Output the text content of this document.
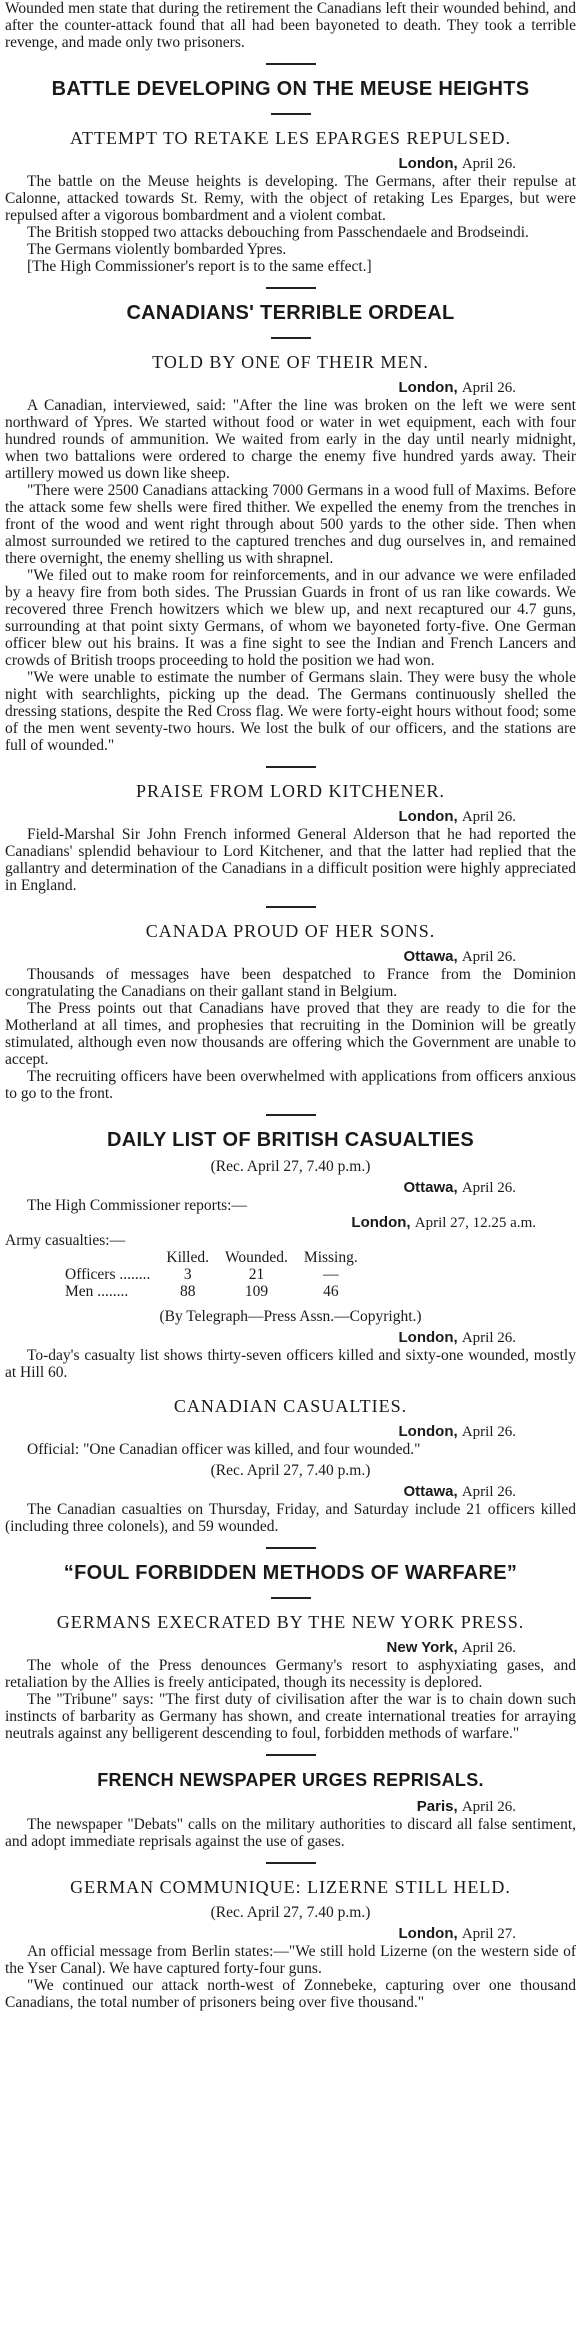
Wounded men state that during the retirement the Canadians left their wounded behind, and after the counter-attack found that all had been bayoneted to death. They took a terrible revenge, and made only two prisoners.

BATTLE DEVELOPING ON THE MEUSE HEIGHTS
ATTEMPT TO RETAKE LES EPARGES REPULSED.
London, April 26.

The battle on the Meuse heights is developing. The Germans, after their repulse at Calonne, attacked towards St. Remy, with the object of retaking Les Eparges, but were repulsed after a vigorous bombardment and a violent combat.

The British stopped two attacks debouching from Passchendaele and Brodseindi.

The Germans violently bombarded Ypres.

[The High Commissioner's report is to the same effect.]

CANADIANS' TERRIBLE ORDEAL
TOLD BY ONE OF THEIR MEN.
London, April 26.

A Canadian, interviewed, said: "After the line was broken on the left we were sent northward of Ypres. We started without food or water in wet equipment, each with four hundred rounds of ammunition. We waited from early in the day until nearly midnight, when two battalions were ordered to charge the enemy five hundred yards away. Their artillery mowed us down like sheep.

"There were 2500 Canadians attacking 7000 Germans in a wood full of Maxims. Before the attack some few shells were fired thither. We expelled the enemy from the trenches in front of the wood and went right through about 500 yards to the other side. Then when almost surrounded we retired to the captured trenches and dug ourselves in, and remained there overnight, the enemy shelling us with shrapnel.

"We filed out to make room for reinforcements, and in our advance we were enfiladed by a heavy fire from both sides. The Prussian Guards in front of us ran like cowards. We recovered three French howitzers which we blew up, and next recaptured our 4.7 guns, surrounding at that point sixty Germans, of whom we bayoneted forty-five. One German officer blew out his brains. It was a fine sight to see the Indian and French Lancers and crowds of British troops proceeding to hold the position we had won.

"We were unable to estimate the number of Germans slain. They were busy the whole night with searchlights, picking up the dead. The Germans continuously shelled the dressing stations, despite the Red Cross flag. We were forty-eight hours without food; some of the men went seventy-two hours. We lost the bulk of our officers, and the stations are full of wounded."

PRAISE FROM LORD KITCHENER.
London, April 26.

Field-Marshal Sir John French informed General Alderson that he had reported the Canadians' splendid behaviour to Lord Kitchener, and that the latter had replied that the gallantry and determination of the Canadians in a difficult position were highly appreciated in England.

CANADA PROUD OF HER SONS.
Ottawa, April 26.

Thousands of messages have been despatched to France from the Dominion congratulating the Canadians on their gallant stand in Belgium.

The Press points out that Canadians have proved that they are ready to die for the Motherland at all times, and prophesies that recruiting in the Dominion will be greatly stimulated, although even now thousands are offering which the Government are unable to accept.

The recruiting officers have been overwhelmed with applications from officers anxious to go to the front.

DAILY LIST OF BRITISH CASUALTIES
(Rec. April 27, 7.40 p.m.)
Ottawa, April 26.

The High Commissioner reports:—

London, April 27, 12.25 a.m.

Army casualties:—

	Killed.	Wounded.	Missing.
Officers ........	3	21	—
Men ........	88	109	46
(By Telegraph—Press Assn.—Copyright.)
London, April 26.

To-day's casualty list shows thirty-seven officers killed and sixty-one wounded, mostly at Hill 60.

CANADIAN CASUALTIES.
London, April 26.

Official: "One Canadian officer was killed, and four wounded."

(Rec. April 27, 7.40 p.m.)
Ottawa, April 26.

The Canadian casualties on Thursday, Friday, and Saturday include 21 officers killed (including three colonels), and 59 wounded.

“FOUL FORBIDDEN METHODS OF WARFARE”
GERMANS EXECRATED BY THE NEW YORK PRESS.
New York, April 26.

The whole of the Press denounces Germany's resort to asphyxiating gases, and retaliation by the Allies is freely anticipated, though its necessity is deplored.

The "Tribune" says: "The first duty of civilisation after the war is to chain down such instincts of barbarity as Germany has shown, and create international treaties for arraying neutrals against any belligerent descending to foul, forbidden methods of warfare."

FRENCH NEWSPAPER URGES REPRISALS.
Paris, April 26.

The newspaper "Debats" calls on the military authorities to discard all false sentiment, and adopt immediate reprisals against the use of gases.

GERMAN COMMUNIQUE: LIZERNE STILL HELD.
(Rec. April 27, 7.40 p.m.)
London, April 27.

An official message from Berlin states:—"We still hold Lizerne (on the western side of the Yser Canal). We have captured forty-four guns.

"We continued our attack north-west of Zonnebeke, capturing over one thousand Canadians, the total number of prisoners being over five thousand."
